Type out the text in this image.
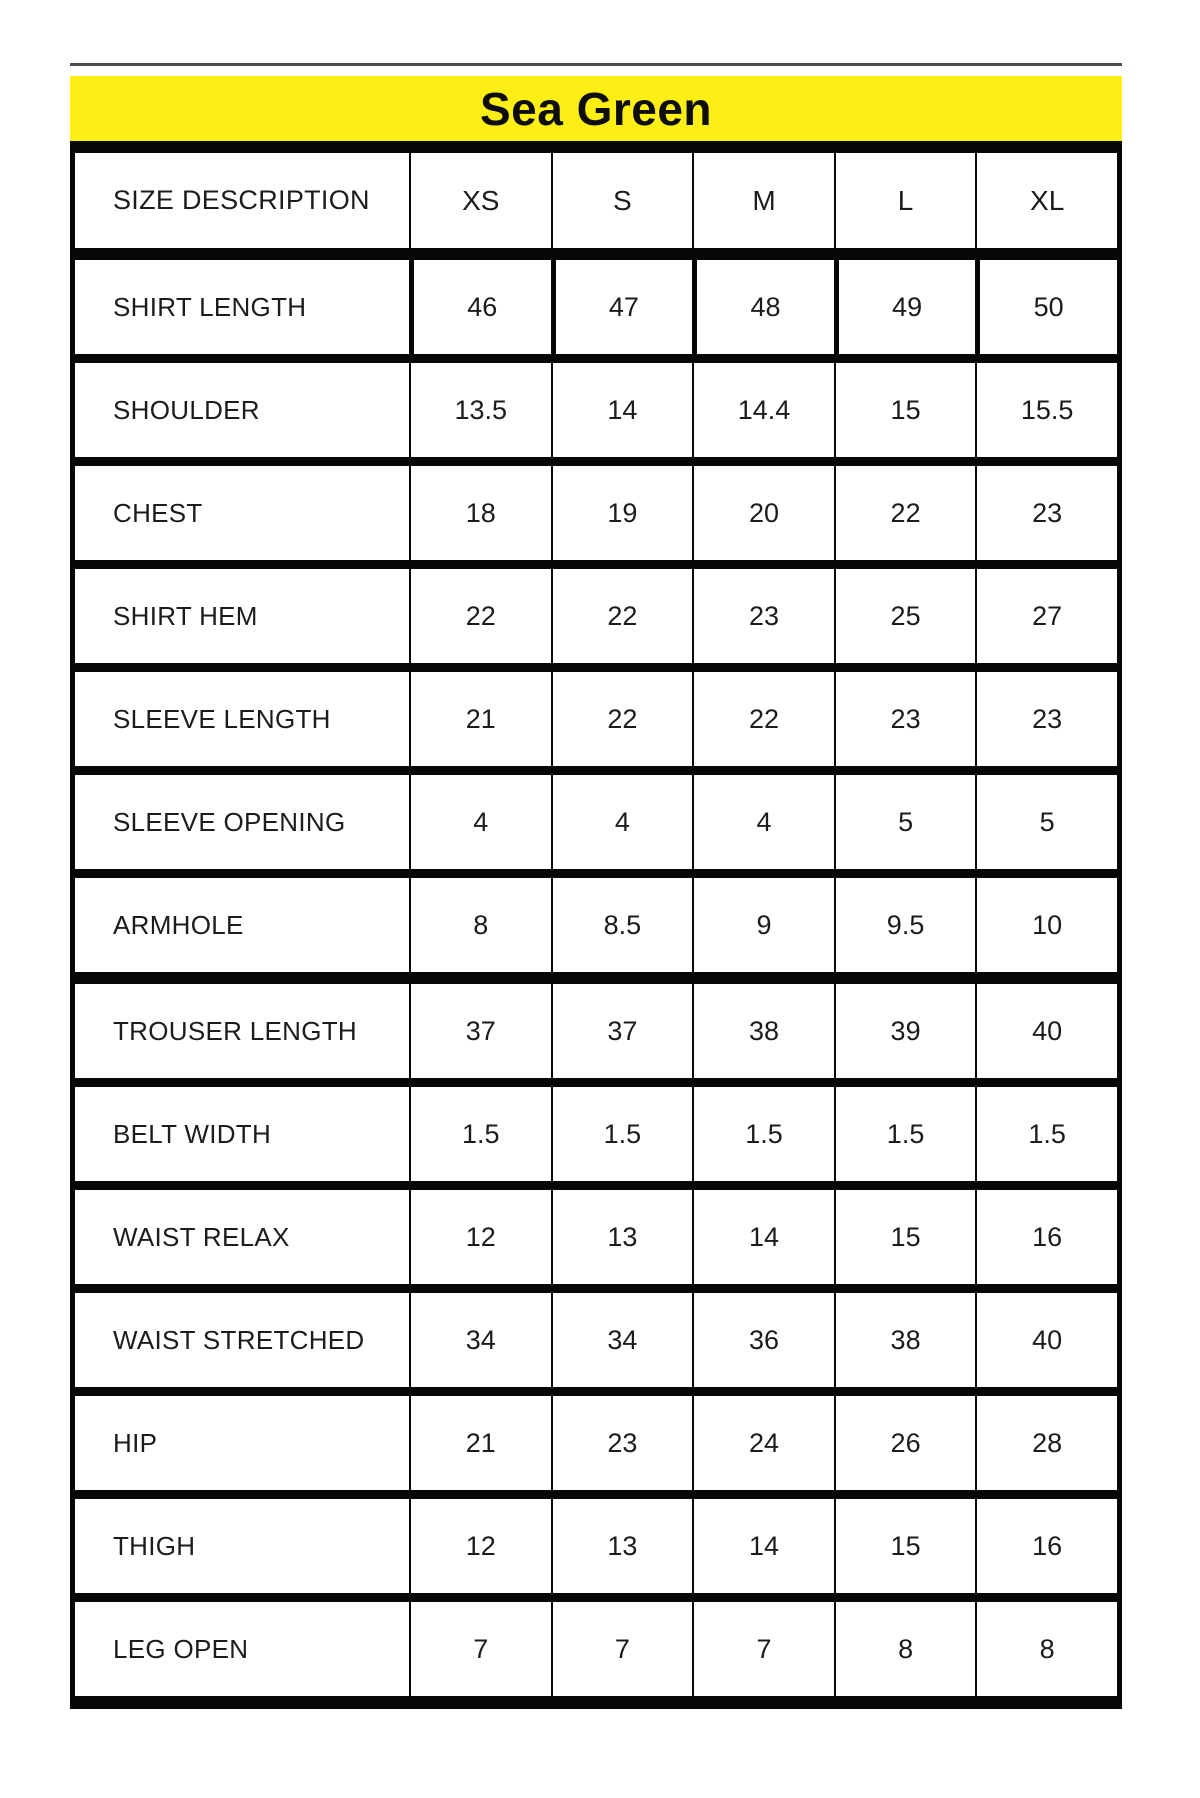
Sea Green
SIZE DESCRIPTION	XS	S	M	L	XL
SHIRT LENGTH	46	47	48	49	50
SHOULDER	13.5	14	14.4	15	15.5
CHEST	18	19	20	22	23
SHIRT HEM	22	22	23	25	27
SLEEVE LENGTH	21	22	22	23	23
SLEEVE OPENING	4	4	4	5	5
ARMHOLE	8	8.5	9	9.5	10
TROUSER LENGTH	37	37	38	39	40
BELT WIDTH	1.5	1.5	1.5	1.5	1.5
WAIST RELAX	12	13	14	15	16
WAIST STRETCHED	34	34	36	38	40
HIP	21	23	24	26	28
THIGH	12	13	14	15	16
LEG OPEN	7	7	7	8	8
